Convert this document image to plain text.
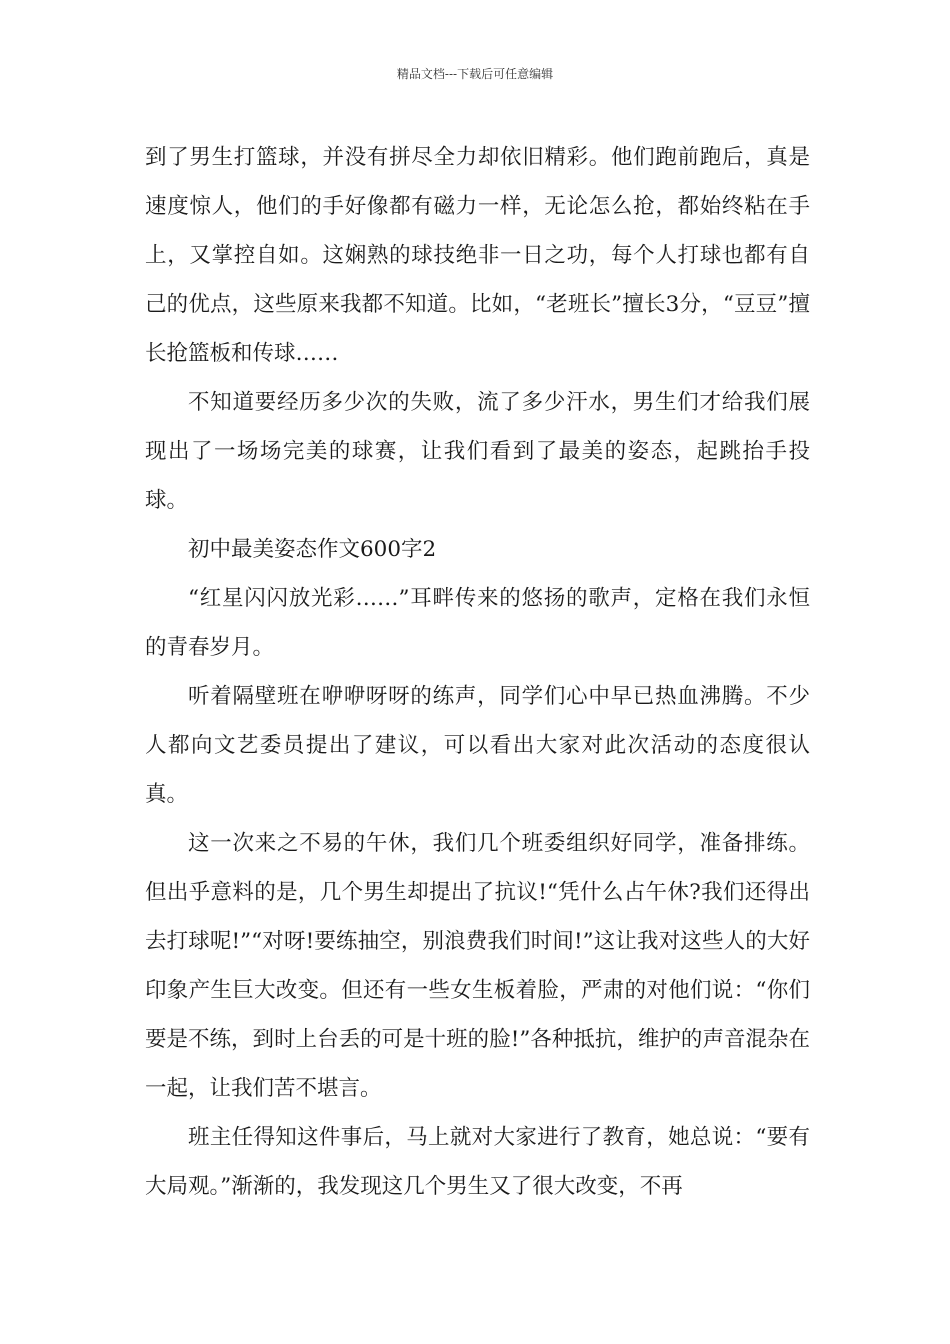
精品文档---下载后可任意编辑

到了男生打篮球，并没有拼尽全力却依旧精彩。他们跑前跑后，真是速度惊人，他们的手好像都有磁力一样，无论怎么抢，都始终粘在手上，又掌控自如。这娴熟的球技绝非一日之功，每个人打球也都有自己的优点，这些原来我都不知道。比如，“老班长”擅长3分，“豆豆”擅长抢篮板和传球……

不知道要经历多少次的失败，流了多少汗水，男生们才给我们展现出了一场场完美的球赛，让我们看到了最美的姿态，起跳抬手投球。

初中最美姿态作文600字2

“红星闪闪放光彩……”耳畔传来的悠扬的歌声，定格在我们永恒的青春岁月。

听着隔壁班在咿咿呀呀的练声，同学们心中早已热血沸腾。不少人都向文艺委员提出了建议，可以看出大家对此次活动的态度很认真。

这一次来之不易的午休，我们几个班委组织好同学，准备排练。但出乎意料的是，几个男生却提出了抗议!“凭什么占午休?我们还得出去打球呢!”“对呀!要练抽空，别浪费我们时间!”这让我对这些人的大好印象产生巨大改变。但还有一些女生板着脸，严肃的对他们说：“你们要是不练，到时上台丢的可是十班的脸!”各种抵抗，维护的声音混杂在一起，让我们苦不堪言。

班主任得知这件事后，马上就对大家进行了教育，她总说：“要有大局观。”渐渐的，我发现这几个男生又了很大改变，不再
